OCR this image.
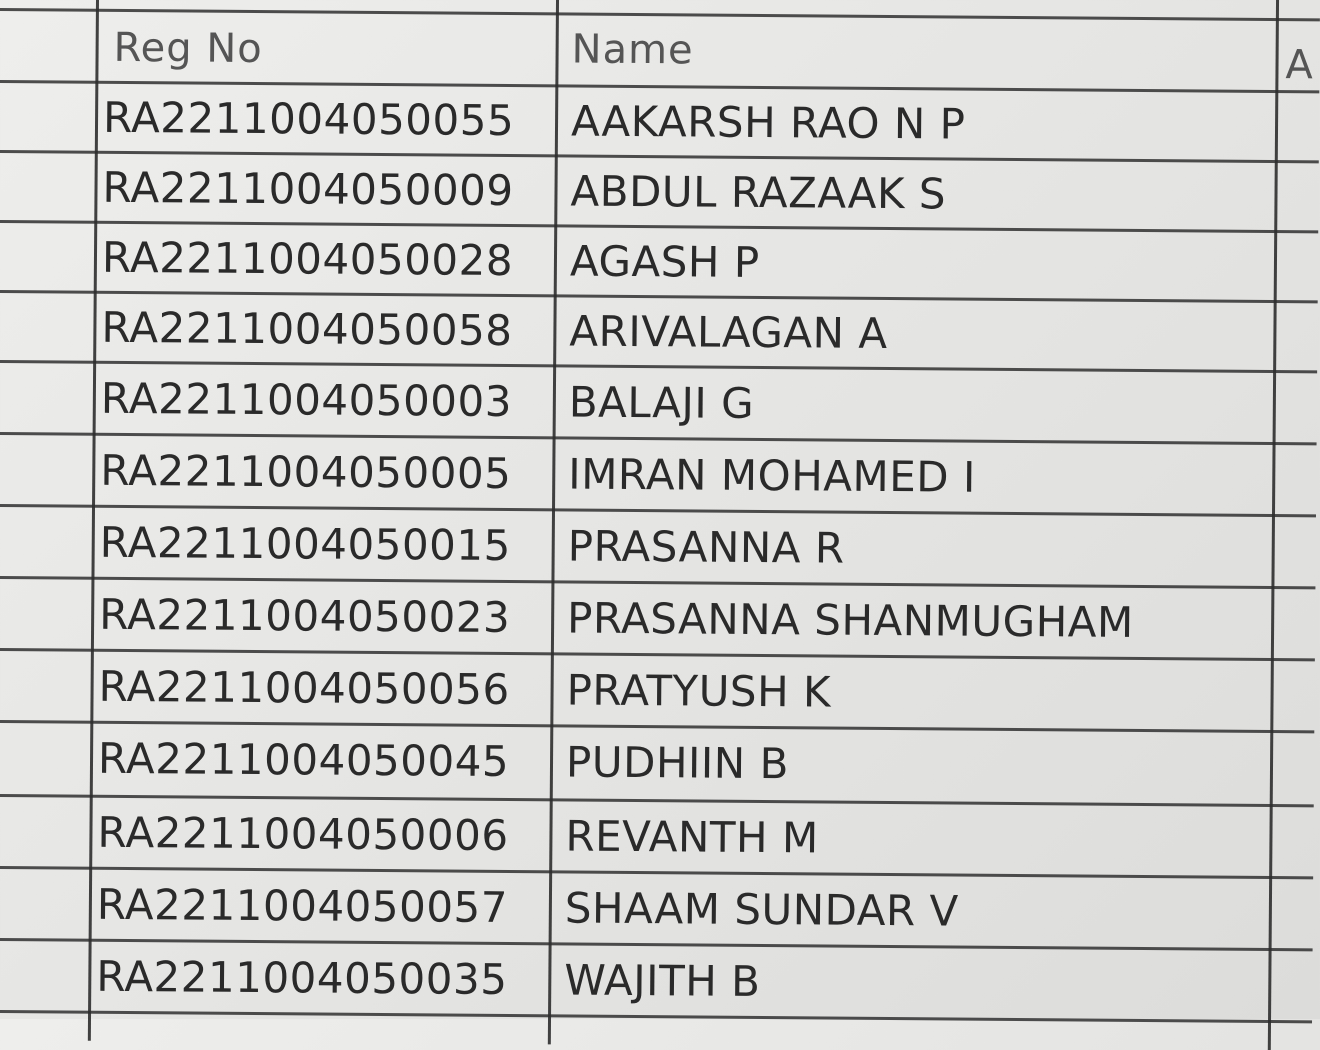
Reg No	Name	A
RA2211004050055	AAKARSH RAO N P
RA2211004050009	ABDUL RAZAAK S
RA2211004050028	AGASH P
RA2211004050058	ARIVALAGAN A
RA2211004050003	BALAJI G
RA2211004050005	IMRAN MOHAMED I
RA2211004050015	PRASANNA R
RA2211004050023	PRASANNA SHANMUGHAM
RA2211004050056	PRATYUSH K
RA2211004050045	PUDHIIN B
RA2211004050006	REVANTH M
RA2211004050057	SHAAM SUNDAR V
RA2211004050035	WAJITH B
